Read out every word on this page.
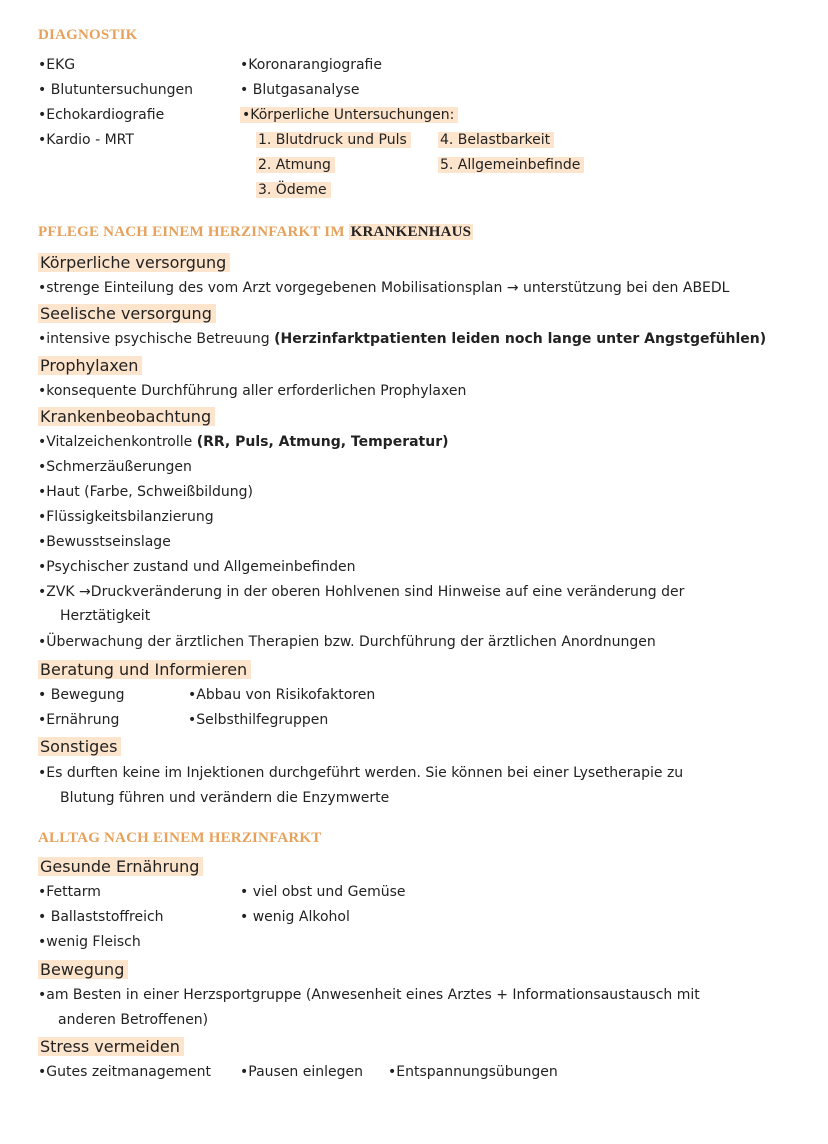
DIAGNOSTIK
•EKG
• Blutuntersuchungen
•Echokardiografie
•Kardio - MRT
•Koronarangiografie
• Blutgasanalyse
•Körperliche Untersuchungen:
1. Blutdruck und Puls
2. Atmung
3. Ödeme
4. Belastbarkeit
5. Allgemeinbefinde
PFLEGE NACH EINEM HERZINFARKT IM KRANKENHAUS
Körperliche versorgung
•strenge Einteilung des vom Arzt vorgegebenen Mobilisationsplan → unterstützung bei den ABEDL
Seelische versorgung
•intensive psychische Betreuung (Herzinfarktpatienten leiden noch lange unter Angstgefühlen)
Prophylaxen
•konsequente Durchführung aller erforderlichen Prophylaxen
Krankenbeobachtung
•Vitalzeichenkontrolle (RR, Puls, Atmung, Temperatur)
•Schmerzäußerungen
•Haut (Farbe, Schweißbildung)
•Flüssigkeitsbilanzierung
•Bewusstseinslage
•Psychischer zustand und Allgemeinbefinden
•ZVK →Druckveränderung in der oberen Hohlvenen sind Hinweise auf eine veränderung der
Herztätigkeit
•Überwachung der ärztlichen Therapien bzw. Durchführung der ärztlichen Anordnungen
Beratung und Informieren
• Bewegung
•Ernährung
•Abbau von Risikofaktoren
•Selbsthilfegruppen
Sonstiges
•Es durften keine im Injektionen durchgeführt werden. Sie können bei einer Lysetherapie zu
Blutung führen und verändern die Enzymwerte
ALLTAG NACH EINEM HERZINFARKT
Gesunde Ernährung
•Fettarm
• Ballaststoffreich
•wenig Fleisch
• viel obst und Gemüse
• wenig Alkohol
Bewegung
•am Besten in einer Herzsportgruppe (Anwesenheit eines Arztes + Informationsaustausch mit
anderen Betroffenen)
Stress vermeiden
•Gutes zeitmanagement •Pausen einlegen •Entspannungsübungen
